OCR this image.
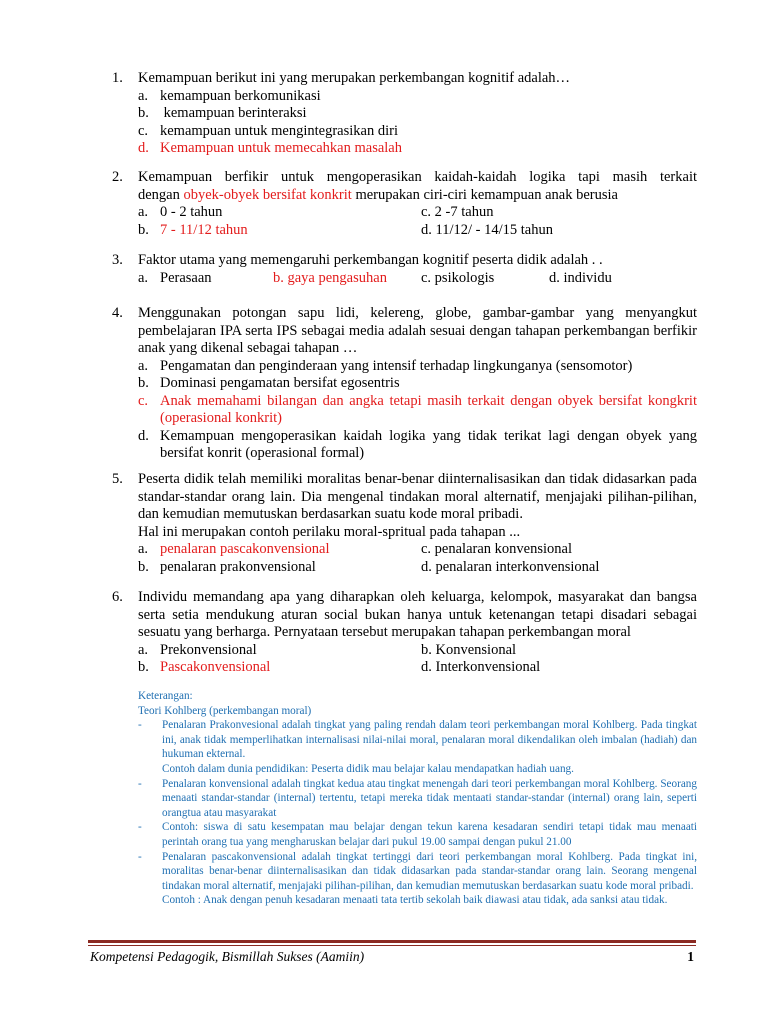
1.	Kemampuan berikut ini yang merupakan perkembangan kognitif adalah…
a. kemampuan berkomunikasi
b. kemampuan berinteraksi
c. kemampuan untuk mengintegrasikan diri
d. Kemampuan untuk memecahkan masalah
2.	Kemampuan berfikir untuk mengoperasikan kaidah-kaidah logika tapi masih terkait
dengan obyek-obyek bersifat konkrit merupakan ciri-ciri kemampuan anak berusia
a. 0 - 2 tahun	c. 2 -7 tahun
b. 7 - 11/12 tahun	d. 11/12/ - 14/15 tahun
3.	Faktor utama yang memengaruhi perkembangan kognitif peserta didik adalah . .
a. Perasaan	b. gaya pengasuhan c. psikologis	d. individu
4.	Menggunakan potongan sapu lidi, kelereng, globe, gambar-gambar yang menyangkut pembelajaran IPA serta IPS sebagai media adalah sesuai dengan tahapan perkembangan berfikir anak yang dikenal sebagai tahapan …
a. Pengamatan dan penginderaan yang intensif terhadap lingkunganya (sensomotor)
b. Dominasi pengamatan bersifat egosentris
c. Anak memahami bilangan dan angka tetapi masih terkait dengan obyek bersifat kongkrit (operasional konkrit)
d. Kemampuan mengoperasikan kaidah logika yang tidak terikat lagi dengan obyek yang bersifat konrit (operasional formal)
5.	Peserta didik telah memiliki moralitas benar-benar diinternalisasikan dan tidak didasarkan pada standar-standar orang lain. Dia mengenal tindakan moral alternatif, menjajaki pilihan-pilihan, dan kemudian memutuskan berdasarkan suatu kode moral pribadi.
Hal ini merupakan contoh perilaku moral-spritual pada tahapan ...
a. penalaran pascakonvensional	c. penalaran konvensional
b. penalaran prakonvensional	d. penalaran interkonvensional
6.	Individu memandang apa yang diharapkan oleh keluarga, kelompok, masyarakat dan bangsa serta setia mendukung aturan social bukan hanya untuk ketenangan tetapi disadari sebagai sesuatu yang berharga. Pernyataan tersebut merupakan tahapan perkembangan moral
a. Prekonvensional	b. Konvensional
b. Pascakonvensional	d. Interkonvensional
Keterangan:
Teori Kohlberg (perkembangan moral)
- Penalaran Prakonvesional adalah tingkat yang paling rendah dalam teori perkembangan moral Kohlberg. Pada tingkat ini, anak tidak memperlihatkan internalisasi nilai-nilai moral, penalaran moral dikendalikan oleh imbalan (hadiah) dan hukuman ekternal.
Contoh dalam dunia pendidikan: Peserta didik mau belajar kalau mendapatkan hadiah uang.
- Penalaran konvensional adalah tingkat kedua atau tingkat menengah dari teori perkembangan moral Kohlberg. Seorang menaati standar-standar (internal) tertentu, tetapi mereka tidak mentaati standar-standar (internal) orang lain, seperti orangtua atau masyarakat
- Contoh: siswa di satu kesempatan mau belajar dengan tekun karena kesadaran sendiri tetapi tidak mau menaati perintah orang tua yang mengharuskan belajar dari pukul 19.00 sampai dengan pukul 21.00
- Penalaran pascakonvensional adalah tingkat tertinggi dari teori perkembangan moral Kohlberg. Pada tingkat ini, moralitas benar-benar diinternalisasikan dan tidak didasarkan pada standar-standar orang lain. Seorang mengenal tindakan moral alternatif, menjajaki pilihan-pilihan, dan kemudian memutuskan berdasarkan suatu kode moral pribadi.
Contoh : Anak dengan penuh kesadaran menaati tata tertib sekolah baik diawasi atau tidak, ada sanksi atau tidak.
Kompetensi Pedagogik, Bismillah Sukses (Aamiin)	1
